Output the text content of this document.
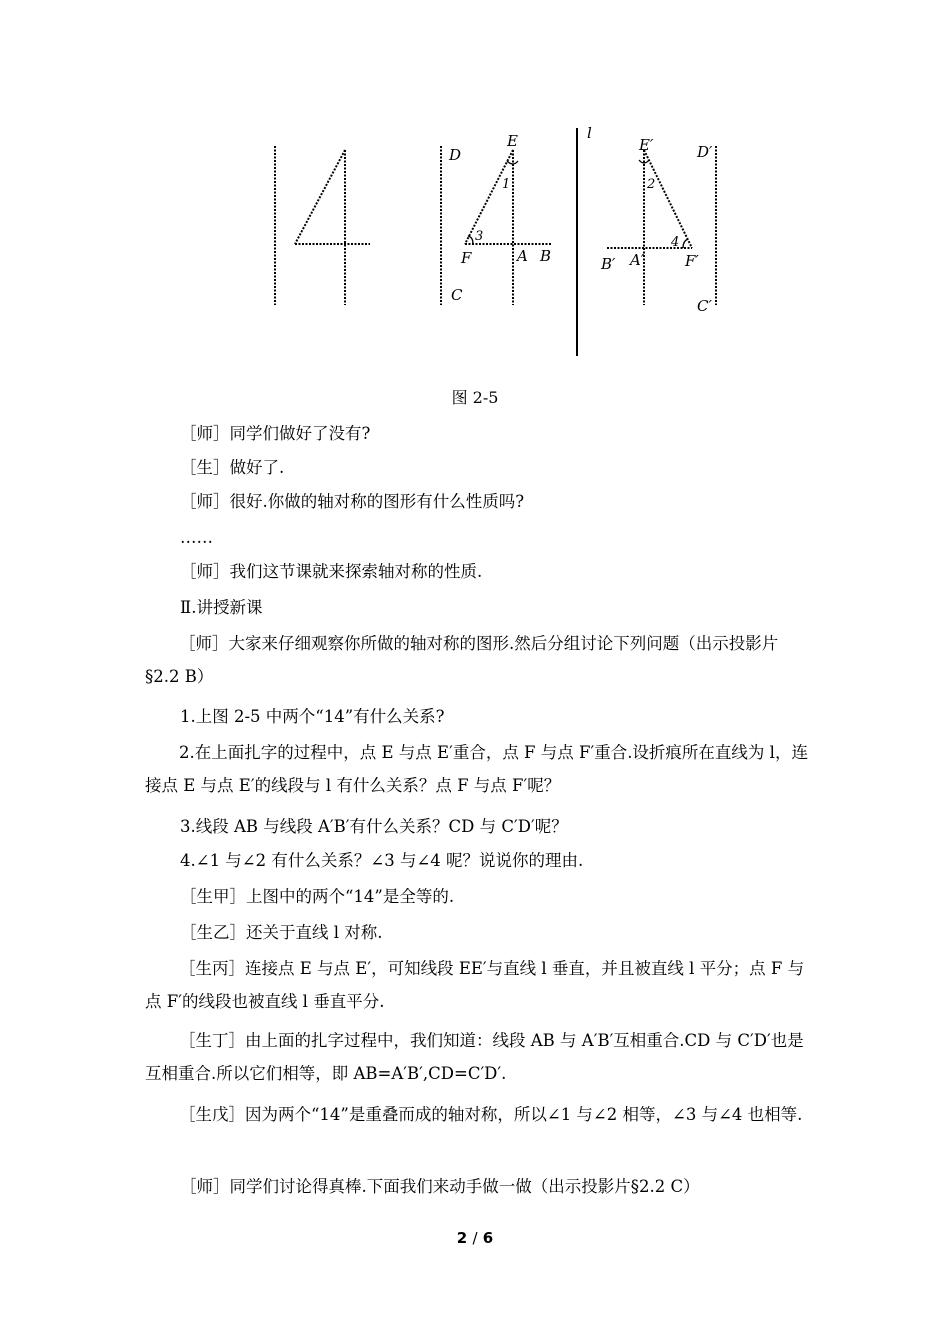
D
E
1
3
F	A B
C
l
E′	D′
2
4
B′ A′	F′
C′
图 2-5
［师］同学们做好了没有?
［生］做好了.
［师］很好.你做的轴对称的图形有什么性质吗?
……
［师］我们这节课就来探索轴对称的性质.
Ⅱ.讲授新课
［师］大家来仔细观察你所做的轴对称的图形.然后分组讨论下列问题（出示投影片§2.2 B）
1.上图 2-5 中两个“14”有什么关系?
2.在上面扎字的过程中，点 E 与点 E′重合，点 F 与点 F′重合.设折痕所在直线为 l，连接点 E 与点 E′的线段与 l 有什么关系？点 F 与点 F′呢？
3.线段 AB 与线段 A′B′有什么关系？CD 与 C′D′呢？
4.∠1 与∠2 有什么关系？∠3 与∠4 呢？说说你的理由.
［生甲］上图中的两个“14”是全等的.
［生乙］还关于直线 l 对称.
［生丙］连接点 E 与点 E′，可知线段 EE′与直线 l 垂直，并且被直线 l 平分；点 F 与点 F′的线段也被直线 l 垂直平分.
［生丁］由上面的扎字过程中，我们知道：线段 AB 与 A′B′互相重合.CD 与 C′D′也是互相重合.所以它们相等，即 AB=A′B′,CD=C′D′.
［生戊］因为两个“14”是重叠而成的轴对称，所以∠1 与∠2 相等，∠3 与∠4 也相等.
［师］同学们讨论得真棒.下面我们来动手做一做（出示投影片§2.2 C）
2 / 6
